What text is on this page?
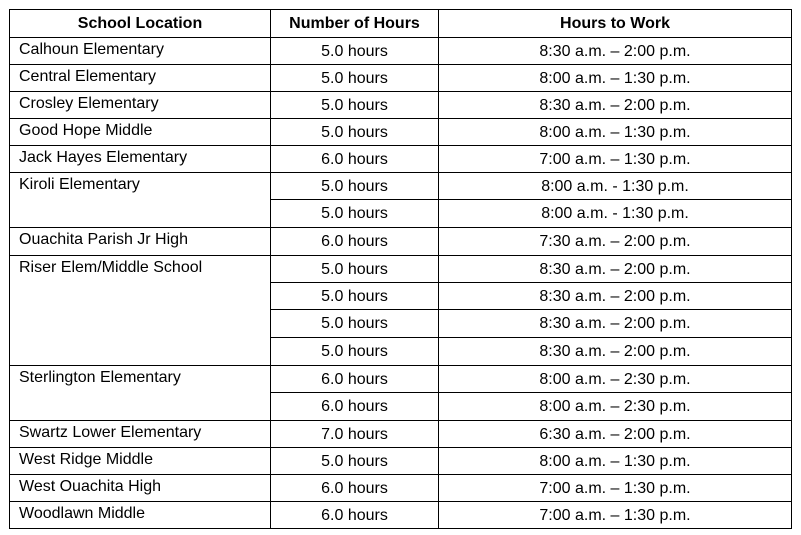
School Location	Number of Hours	Hours to Work
Calhoun Elementary	5.0 hours	8:30 a.m. – 2:00 p.m.
Central Elementary	5.0 hours	8:00 a.m. – 1:30 p.m.
Crosley Elementary	5.0 hours	8:30 a.m. – 2:00 p.m.
Good Hope Middle	5.0 hours	8:00 a.m. – 1:30 p.m.
Jack Hayes Elementary	6.0 hours	7:00 a.m. – 1:30 p.m.
Kiroli Elementary	5.0 hours	8:00 a.m. - 1:30 p.m.
	5.0 hours	8:00 a.m. - 1:30 p.m.
Ouachita Parish Jr High	6.0 hours	7:30 a.m. – 2:00 p.m.
Riser Elem/Middle School	5.0 hours	8:30 a.m. – 2:00 p.m.
	5.0 hours	8:30 a.m. – 2:00 p.m.
	5.0 hours	8:30 a.m. – 2:00 p.m.
	5.0 hours	8:30 a.m. – 2:00 p.m.
Sterlington Elementary	6.0 hours	8:00 a.m. – 2:30 p.m.
	6.0 hours	8:00 a.m. – 2:30 p.m.
Swartz Lower Elementary	7.0 hours	6:30 a.m. – 2:00 p.m.
West Ridge Middle	5.0 hours	8:00 a.m. – 1:30 p.m.
West Ouachita High	6.0 hours	7:00 a.m. – 1:30 p.m.
Woodlawn Middle	6.0 hours	7:00 a.m. – 1:30 p.m.
